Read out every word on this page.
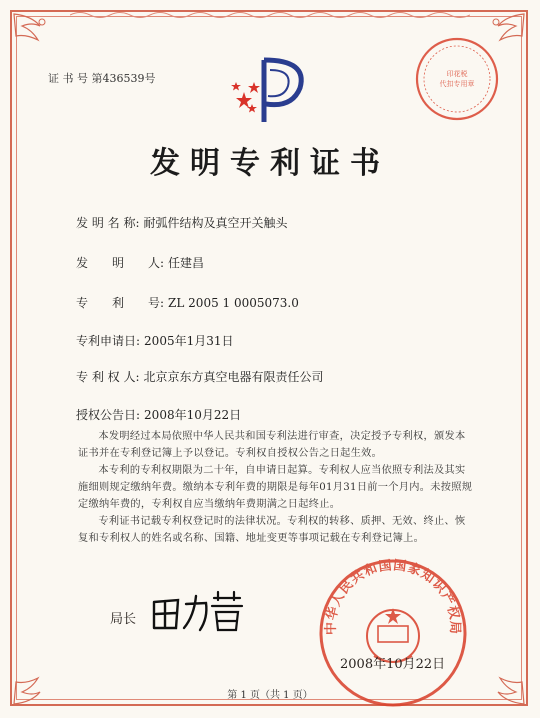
证 书 号 第436539号	印花税
代扣专用章
发明专利证书
发 明 名 称: 耐弧件结构及真空开关触头
发　　明　　人: 任建昌
专　　利　　号: ZL 2005 1 0005073.0
专利申请日: 2005年1月31日
专 利 权 人: 北京京东方真空电器有限责任公司
授权公告日: 2008年10月22日

本发明经过本局依照中华人民共和国专利法进行审查，决定授予专利权，颁发本证书并在专利登记簿上予以登记。专利权自授权公告之日起生效。

本专利的专利权期限为二十年，自申请日起算。专利权人应当依照专利法及其实施细则规定缴纳年费。缴纳本专利年费的期限是每年01月31日前一个月内。未按照规定缴纳年费的，专利权自应当缴纳年费期满之日起终止。

专利证书记载专利权登记时的法律状况。专利权的转移、质押、无效、终止、恢复和专利权人的姓名或名称、国籍、地址变更等事项记载在专利登记簿上。

局长
中华人民共和国国家知识产权局
2008年10月22日
第 1 页（共 1 页）
